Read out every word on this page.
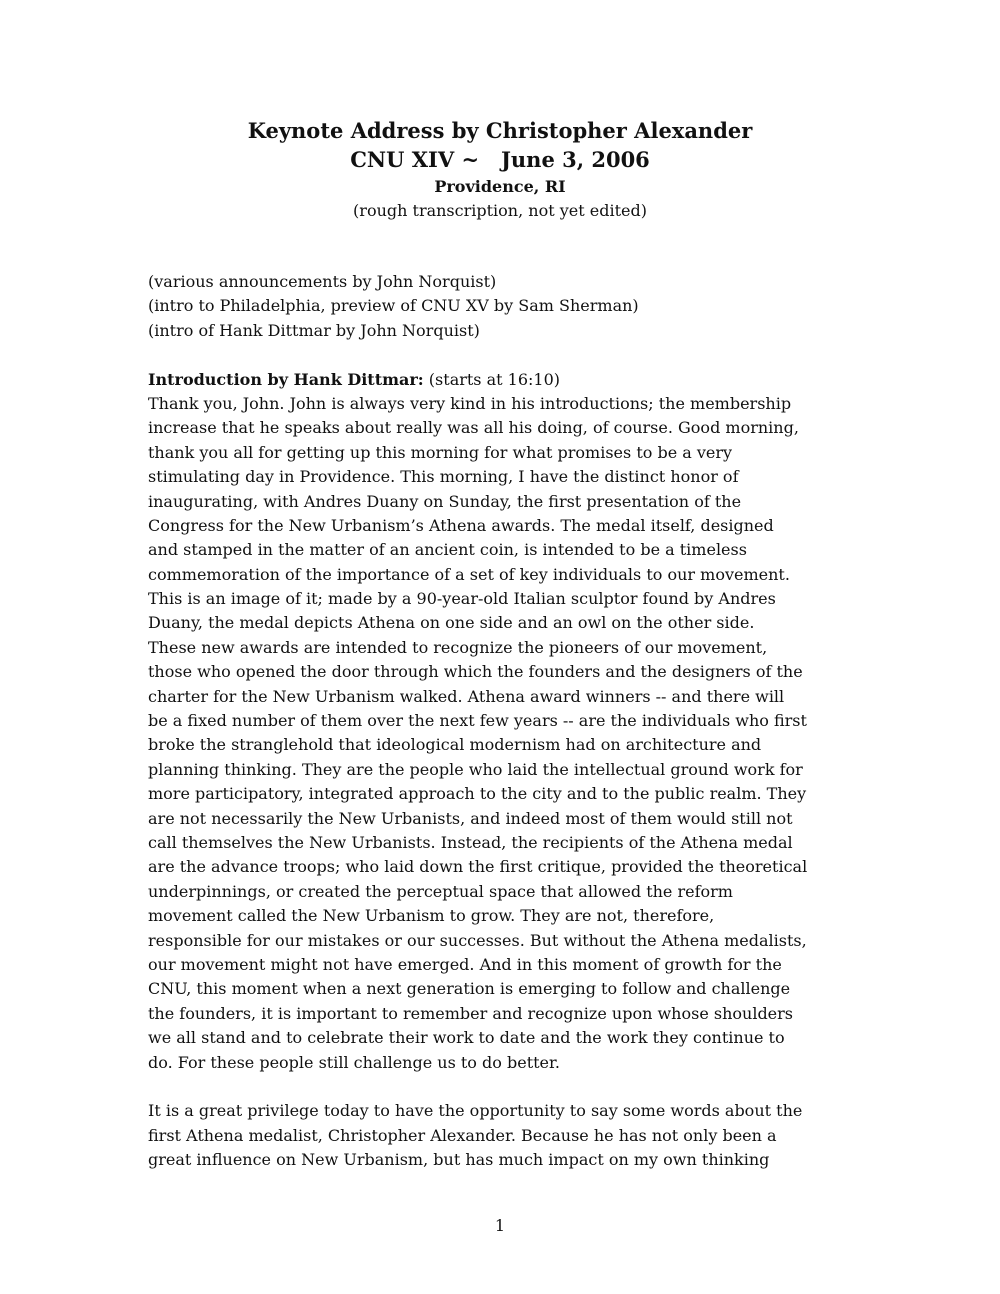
Keynote Address by Christopher Alexander
CNU XIV ~   June 3, 2006
Providence, RI
(rough transcription, not yet edited)
(various announcements by John Norquist)
(intro to Philadelphia, preview of CNU XV by Sam Sherman)
(intro of Hank Dittmar by John Norquist)
Introduction by Hank Dittmar: (starts at 16:10)
Thank you, John. John is always very kind in his introductions; the membership
increase that he speaks about really was all his doing, of course. Good morning,
thank you all for getting up this morning for what promises to be a very
stimulating day in Providence. This morning, I have the distinct honor of
inaugurating, with Andres Duany on Sunday, the first presentation of the
Congress for the New Urbanism’s Athena awards. The medal itself, designed
and stamped in the matter of an ancient coin, is intended to be a timeless
commemoration of the importance of a set of key individuals to our movement.
This is an image of it; made by a 90-year-old Italian sculptor found by Andres
Duany, the medal depicts Athena on one side and an owl on the other side.
These new awards are intended to recognize the pioneers of our movement,
those who opened the door through which the founders and the designers of the
charter for the New Urbanism walked. Athena award winners -- and there will
be a fixed number of them over the next few years -- are the individuals who first
broke the stranglehold that ideological modernism had on architecture and
planning thinking. They are the people who laid the intellectual ground work for
more participatory, integrated approach to the city and to the public realm. They
are not necessarily the New Urbanists, and indeed most of them would still not
call themselves the New Urbanists. Instead, the recipients of the Athena medal
are the advance troops; who laid down the first critique, provided the theoretical
underpinnings, or created the perceptual space that allowed the reform
movement called the New Urbanism to grow. They are not, therefore,
responsible for our mistakes or our successes. But without the Athena medalists,
our movement might not have emerged. And in this moment of growth for the
CNU, this moment when a next generation is emerging to follow and challenge
the founders, it is important to remember and recognize upon whose shoulders
we all stand and to celebrate their work to date and the work they continue to
do. For these people still challenge us to do better.
It is a great privilege today to have the opportunity to say some words about the
first Athena medalist, Christopher Alexander. Because he has not only been a
great influence on New Urbanism, but has much impact on my own thinking
1
